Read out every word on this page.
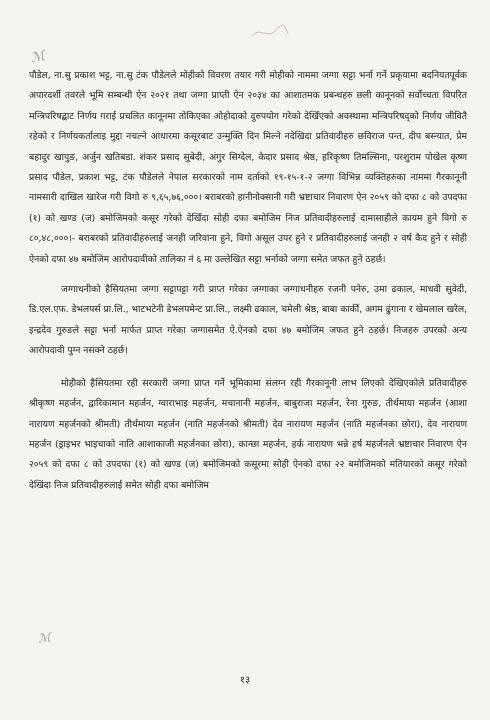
ℳ

पौडेल, ना.सु प्रकाश भट्ट, ना.सु टंक पौडेलले मोहीको विवरण तयार गरी मोहीको नाममा जग्गा सट्टा भर्ना गर्ने प्रकृयामा बदनियतपूर्वक अपारदर्शी तवरले भूमि सम्बन्धी ऐन २०२१ तथा जग्गा प्राप्ती ऐन २०३४ का आशातमक प्रबन्धहरु छली कानूनको सर्वोच्चता विपरित मन्त्रिपरिषद्बाट निर्णय गराई प्रचलित कानूनमा तोकिएका ओहोदाको दुरुपयोग गरेको देखिँएको अवस्थामा मन्त्रिपरिषद्को निर्णय जीवितै रहेको र निर्णयकर्तालाइ मुद्दा नचल्ने आधारमा कसूरबाट उन्मुक्ति दिन मिल्ने नदेखिदा प्रतिवादीहरु छविराज पन्त, दीप बस्न्यात, प्रेम बहादुर खापुङ, अर्जुन खतिबडा. शंकर प्रसाद सुबेदी, अंगुर सिग्देल, केदार प्रसाद श्रेष्ठ, हरिकृष्ण तिमल्सिना, परशुराम पोखेल कृष्ण प्रसाद पौडेल, प्रकाश भट्ट, टंक पौडेलले नेपाल सरकारको नाम दर्ताको १९-१५-१-२ जग्गा विभिन्न व्यक्तिहरुका नाममा गैरकानूनी नामसारी दाखिल खारेज गरी विगो रु ९,६५,७६,०००। बराबरको हानीनोक्सानी गरी भ्रष्टाचार निवारण ऐन २०५९ को दफा ८ को उपदफा (१) को खण्ड (ज) बमोजिमको कसूर गरेको देखिँदा सोही दफा बमोजिम निज प्रतिवादीहरुलाई दामासाहीले कायम हुने विगो रु ८०,४८,०००।- बराबरको प्रतिवादीहरुलाई जनही जरिवाना हुने, विगो असूल उपर हुने र प्रतिवादीहरुलाई जनही २ वर्ष कैद हुने र सोही ऐनको दफा ४७ बमोजिम आरोपदावीको तालिका नं ६ मा उल्लेखित सट्टा भर्नाको जग्गा समेत जफत हुने ठहर्छ।

जग्गाधनीको हैसियतमा जग्गा सट्टापट्टा गरी प्राप्त गरेका जग्गाका जग्गाधनीहरु रजनी पनेरु, उमा ढकाल, माधवी सुवेदी, डि.एल.एफ. डेभलपर्स प्रा.लि., भाटभटेनी डेभलपमेन्ट प्रा.लि., लक्ष्मी ढकाल, चमेली श्रेष्ठ, बाबा कार्की, अगम ढुंगाना र खेमलाल खरेल, इन्द्रदेव गुरुङले सट्टा भर्ना मार्फत प्राप्त गरेका जग्गासमेत ऐ.ऐनको दफा ४७ बमोजिम जफत हुने ठहर्छ। निजहरु उपरको अन्य आरोपदावी पुग्न नसक्ने ठहर्छ।

मोहीको हैसियतमा रही सरकारी जग्गा प्राप्त गर्ने भूमिकामा संलग्न रही गैरकानूनी लाभ लिएको देखिएकोले प्रतिवादीहरु श्रीकृष्ण महर्जन, द्वारिकामान महर्जन, ग्वाराभाइ महर्जन, मचानानी महर्जन, बाबुराजा महर्जन, रेना गुरुङ, तीर्थमाया महर्जन (आशा नारायण महर्जनको श्रीमती) तीर्थमाया महर्जन (नाति महर्जनको श्रीमती) देव नारायण महर्जन (नाति महर्जनका छोरा), देव नारायण महर्जन (ड्राइभर भाइचाको नाति आशाकाजी महर्जनका छोरा), कान्छा महर्जन, हर्क नारायण भन्ने हर्ष महर्जनले भ्रष्टाचार निवारण ऐन २०५९ को दफा ८ को उपदफा (१) को खण्ड (ज) बमोजिमको कसूरमा सोही ऐनको दफा २२ बमोजिमको मतियारको कसूर गरेको देखिंदा निज प्रतिवादीहरुलाई समेत सोही दफा बमोजिम

ℳ
१३
